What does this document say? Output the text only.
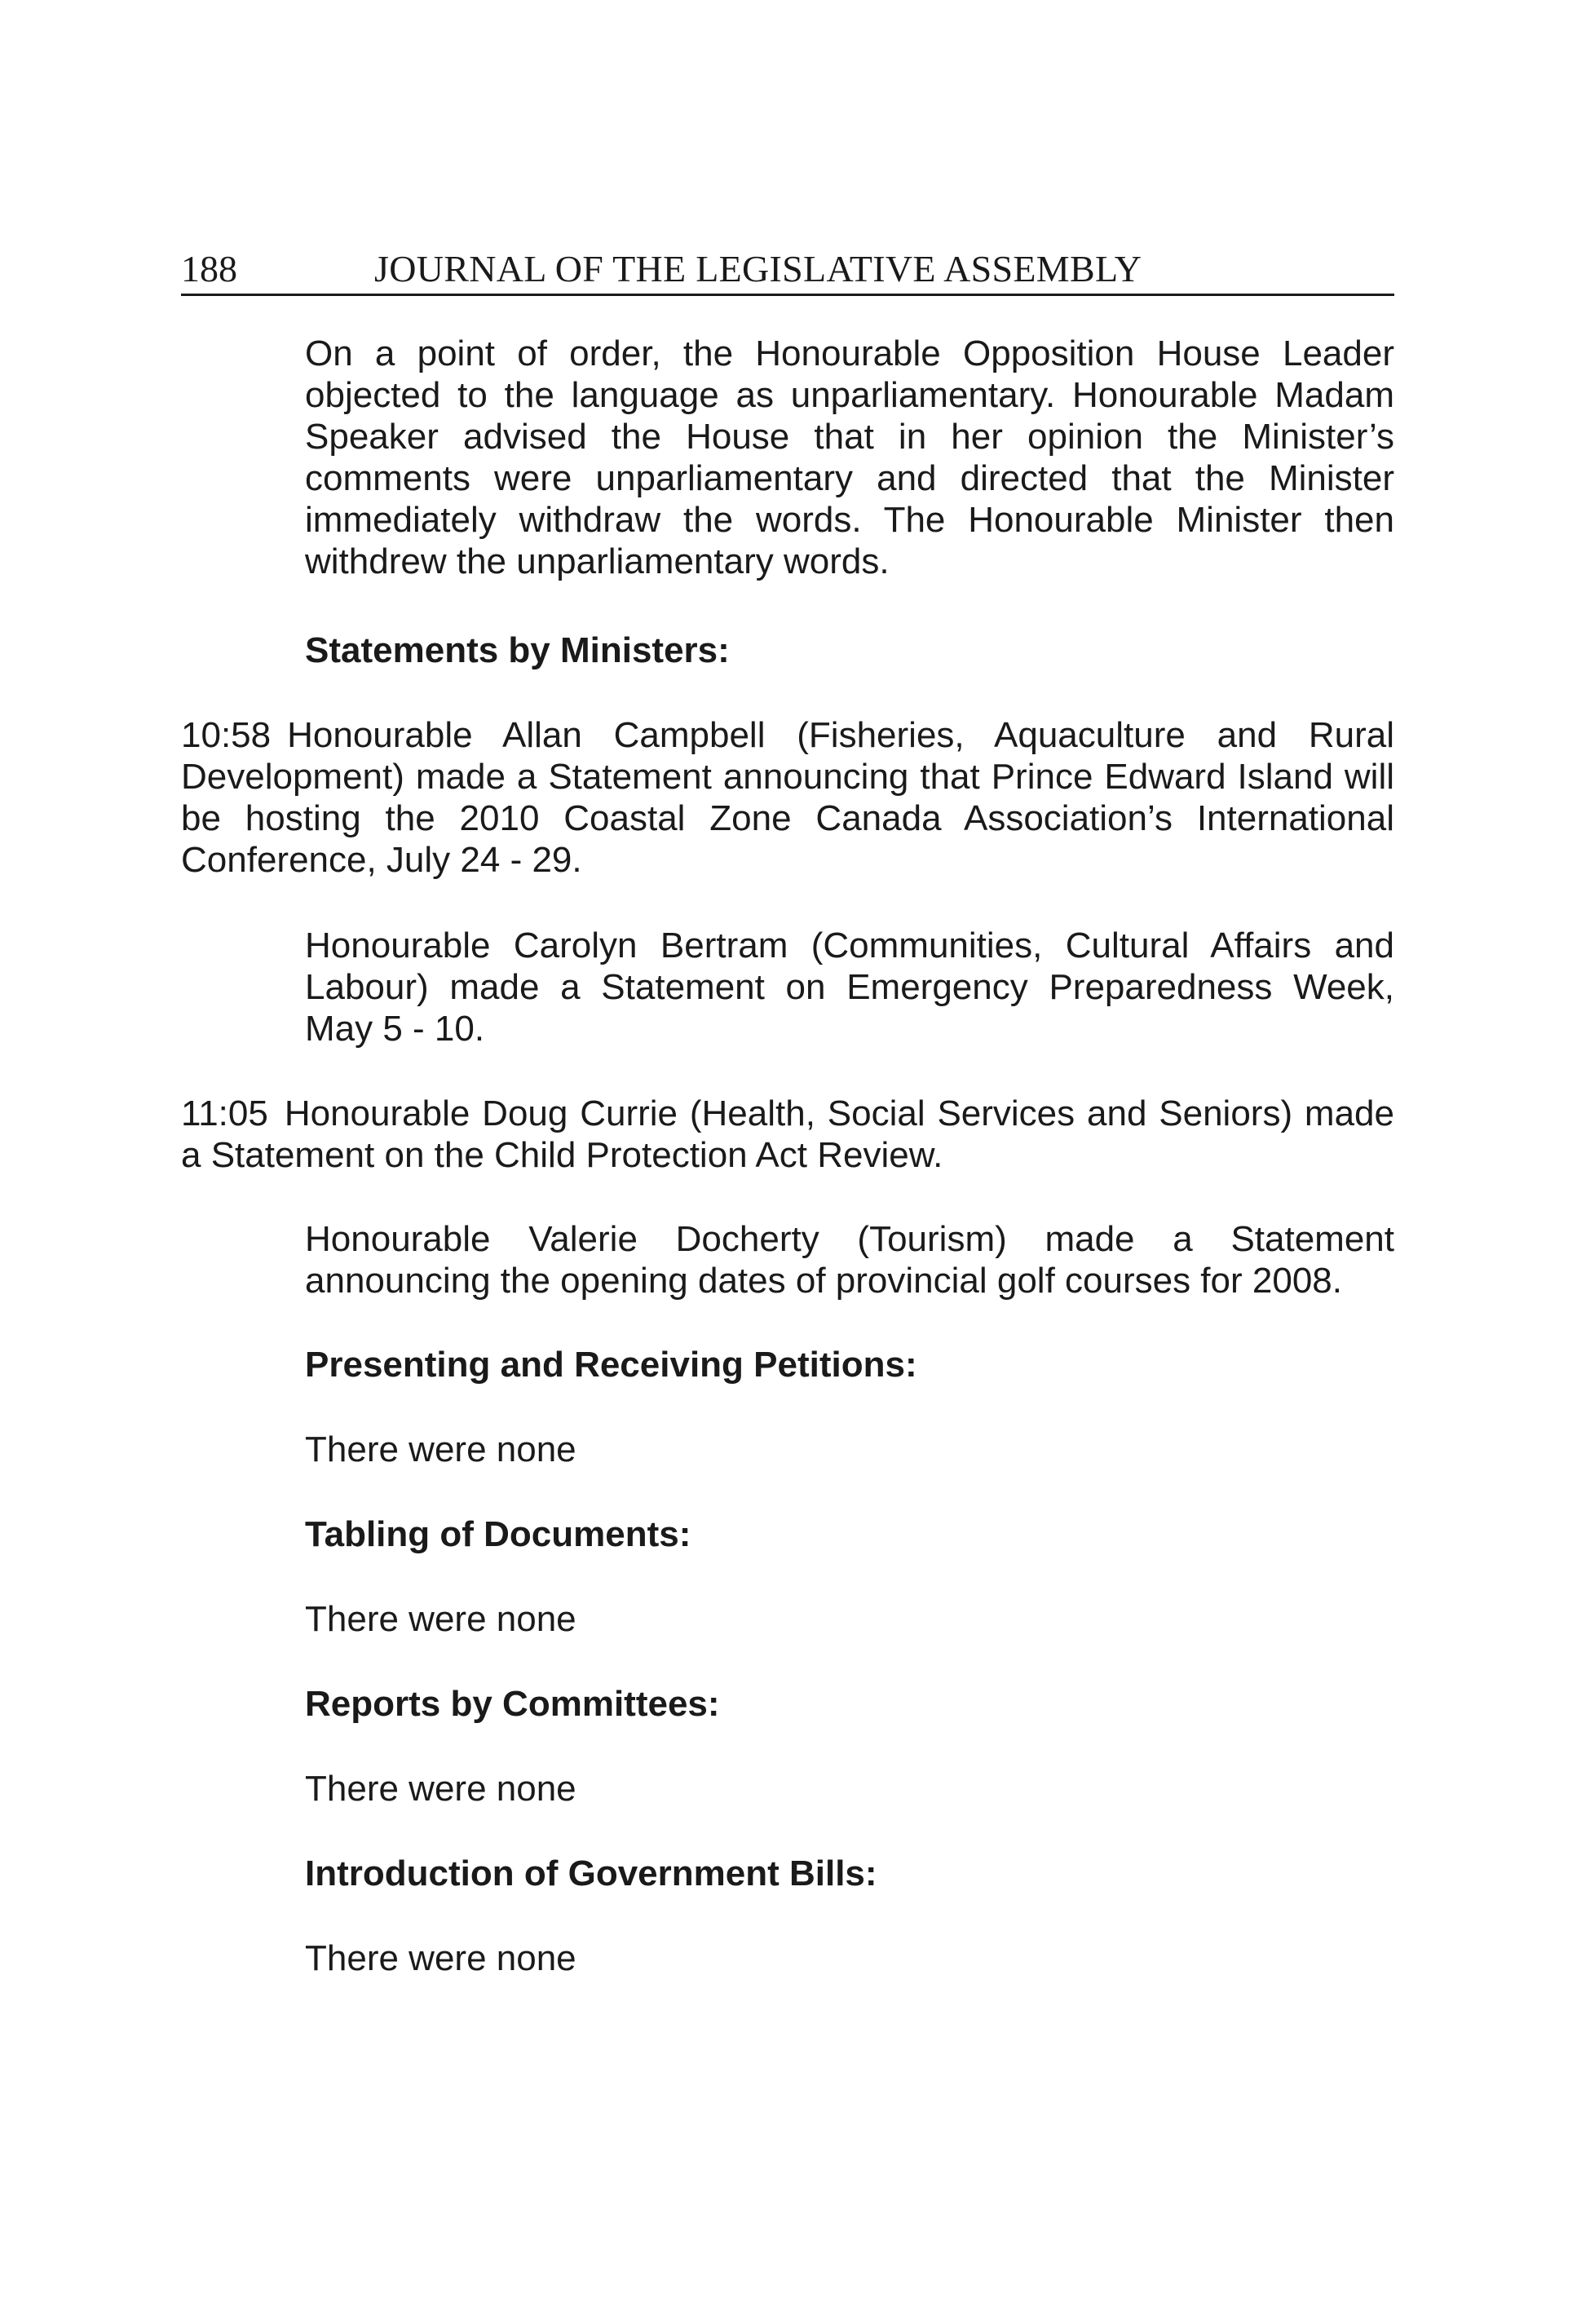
188	JOURNAL OF THE LEGISLATIVE ASSEMBLY

On a point of order, the Honourable Opposition House Leader objected to the language as unparliamentary. Honourable Madam Speaker advised the House that in her opinion the Minister’s comments were unparliamentary and directed that the Minister immediately withdraw the words. The Honourable Minister then withdrew the unparliamentary words.

Statements by Ministers:

10:58 Honourable Allan Campbell (Fisheries, Aquaculture and Rural Development) made a Statement announcing that Prince Edward Island will be hosting the 2010 Coastal Zone Canada Association’s International Conference, July 24 - 29.

Honourable Carolyn Bertram (Communities, Cultural Affairs and Labour) made a Statement on Emergency Preparedness Week, May 5 - 10.

11:05 Honourable Doug Currie (Health, Social Services and Seniors) made a Statement on the Child Protection Act Review.

Honourable Valerie Docherty (Tourism) made a Statement announcing the opening dates of provincial golf courses for 2008.

Presenting and Receiving Petitions:

There were none

Tabling of Documents:

There were none

Reports by Committees:

There were none

Introduction of Government Bills:

There were none
